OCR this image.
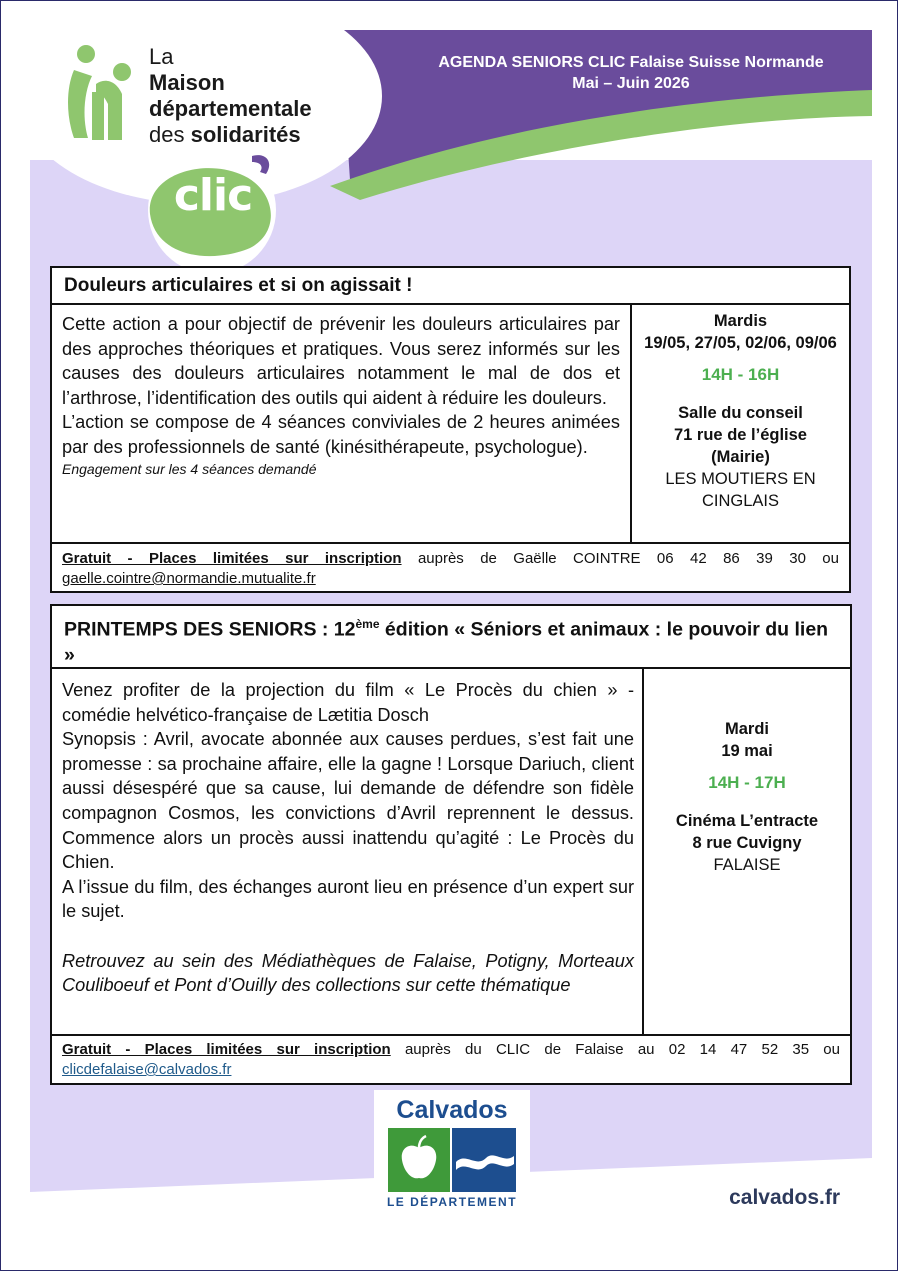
La
Maison
départementale
des solidarités
clic
AGENDA SENIORS CLIC Falaise Suisse Normande
Mai – Juin 2026
Douleurs articulaires et si on agissait !

Cette action a pour objectif de prévenir les douleurs articulaires par des approches théoriques et pratiques. Vous serez informés sur les causes des douleurs articulaires notamment le mal de dos et l’arthrose, l’identification des outils qui aident à réduire les douleurs.

L’action se compose de 4 séances conviviales de 2 heures animées par des professionnels de santé (kinésithérapeute, psychologue).

Engagement sur les 4 séances demandé

Mardis
19/05, 27/05, 02/06, 09/06
14H - 16H
Salle du conseil
71 rue de l’église
(Mairie)
LES MOUTIERS EN CINGLAIS
Gratuit - Places limitées sur inscription auprès de Gaëlle COINTRE 06 42 86 39 30 ou gaelle.cointre@normandie.mutualite.fr
PRINTEMPS DES SENIORS : 12ème édition « Séniors et animaux : le pouvoir du lien »

Venez profiter de la projection du film « Le Procès du chien » - comédie helvético-française de Lætitia Dosch

Synopsis : Avril, avocate abonnée aux causes perdues, s’est fait une promesse : sa prochaine affaire, elle la gagne ! Lorsque Dariuch, client aussi désespéré que sa cause, lui demande de défendre son fidèle compagnon Cosmos, les convictions d’Avril reprennent le dessus. Commence alors un procès aussi inattendu qu’agité : Le Procès du Chien.

A l’issue du film, des échanges auront lieu en présence d’un expert sur le sujet.

Retrouvez au sein des Médiathèques de Falaise, Potigny, Morteaux Couliboeuf et Pont d’Ouilly des collections sur cette thématique

Mardi
19 mai
14H - 17H
Cinéma L’entracte
8 rue Cuvigny
FALAISE
Gratuit - Places limitées sur inscription auprès du CLIC de Falaise au 02 14 47 52 35 ou clicdefalaise@calvados.fr
Calvados
LE DÉPARTEMENT	calvados.fr
